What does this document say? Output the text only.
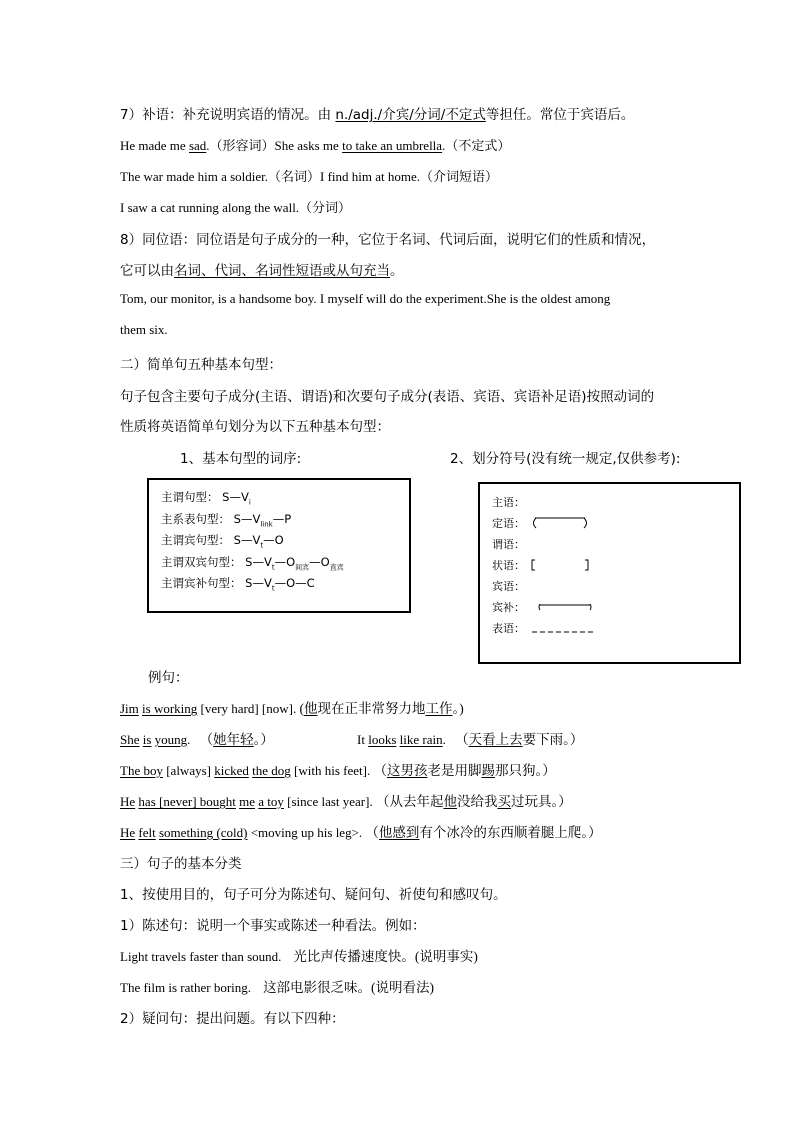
7）补语：补充说明宾语的情况。由 n./adj./介宾/分词/不定式等担任。常位于宾语后。
He made me sad.（形容词）She asks me to take an umbrella.（不定式）
The war made him a soldier.（名词）I find him at home.（介词短语）
I saw a cat running along the wall.（分词）
8）同位语：同位语是句子成分的一种，它位于名词、代词后面，说明它们的性质和情况，
它可以由名词、代词、名词性短语或从句充当。
Tom, our monitor, is a handsome boy. I myself will do the experiment.She is the oldest among
them six.
二）简单句五种基本句型：
句子包含主要句子成分(主语、谓语)和次要句子成分(表语、宾语、宾语补足语)按照动词的
性质将英语简单句划分为以下五种基本句型：
1、基本句型的词序:	2、划分符号(没有统一规定,仅供参考):
主谓句型： $S—V_i$
主系表句型： $S—V_{link}—P$
主谓宾句型： $S—V_t—O$
主谓双宾句型： $S—V_t—O_{间宾}—O_{直宾}$
主谓宾补句型： $S—V_t—O—C$
主语：
定语：
谓语：
状语：
宾语：
宾补：
表语：
例句：
Jim is working [very hard] [now]. (他现在正非常努力地工作。)
She is young. （她年轻。）	It looks like rain. （天看上去要下雨。）
The boy [always] kicked the dog [with his feet]. （这男孩老是用脚踢那只狗。）
He has [never] bought me a toy [since last year]. （从去年起他没给我买过玩具。）
He felt something (cold) <moving up his leg>. （他感到有个冰冷的东西顺着腿上爬。）
三）句子的基本分类
1、按使用目的，句子可分为陈述句、疑问句、祈使句和感叹句。
1）陈述句：说明一个事实或陈述一种看法。例如：
Light travels faster than sound. 光比声传播速度快。(说明事实)
The film is rather boring. 这部电影很乏味。(说明看法)
2）疑问句：提出问题。有以下四种：
